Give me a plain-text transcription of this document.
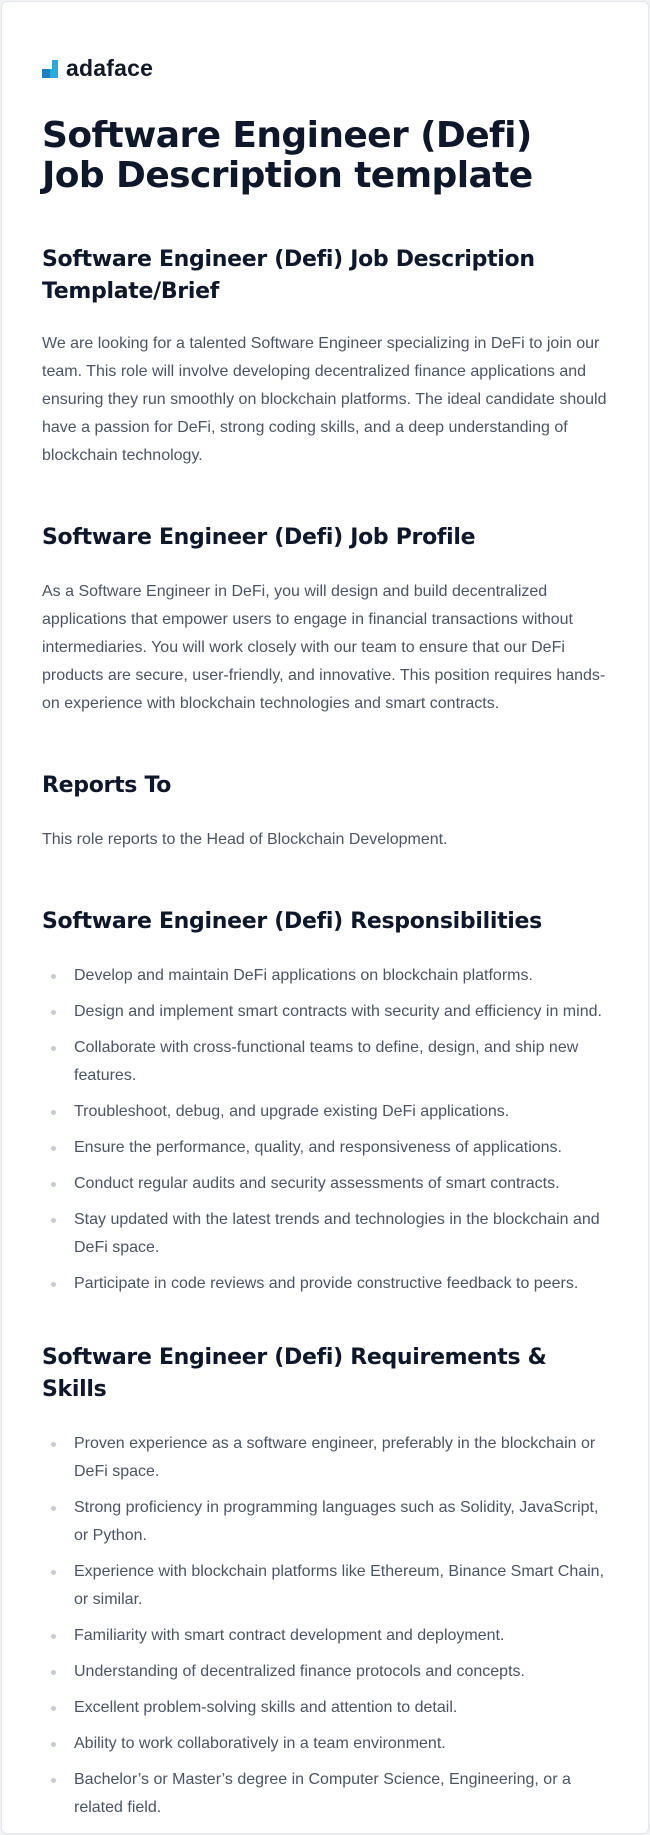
adaface
Software Engineer (Defi) Job Description template
Software Engineer (Defi) Job Description Template/Brief

We are looking for a talented Software Engineer specializing in DeFi to join our team. This role will involve developing decentralized finance applications and ensuring they run smoothly on blockchain platforms. The ideal candidate should have a passion for DeFi, strong coding skills, and a deep understanding of blockchain technology.

Software Engineer (Defi) Job Profile

As a Software Engineer in DeFi, you will design and build decentralized applications that empower users to engage in financial transactions without intermediaries. You will work closely with our team to ensure that our DeFi products are secure, user-friendly, and innovative. This position requires hands-on experience with blockchain technologies and smart contracts.

Reports To

This role reports to the Head of Blockchain Development.

Software Engineer (Defi) Responsibilities
Develop and maintain DeFi applications on blockchain platforms.
Design and implement smart contracts with security and efficiency in mind.
Collaborate with cross-functional teams to define, design, and ship new features.
Troubleshoot, debug, and upgrade existing DeFi applications.
Ensure the performance, quality, and responsiveness of applications.
Conduct regular audits and security assessments of smart contracts.
Stay updated with the latest trends and technologies in the blockchain and DeFi space.
Participate in code reviews and provide constructive feedback to peers.
Software Engineer (Defi) Requirements & Skills
Proven experience as a software engineer, preferably in the blockchain or DeFi space.
Strong proficiency in programming languages such as Solidity, JavaScript, or Python.
Experience with blockchain platforms like Ethereum, Binance Smart Chain, or similar.
Familiarity with smart contract development and deployment.
Understanding of decentralized finance protocols and concepts.
Excellent problem-solving skills and attention to detail.
Ability to work collaboratively in a team environment.
Bachelor’s or Master’s degree in Computer Science, Engineering, or a related field.
